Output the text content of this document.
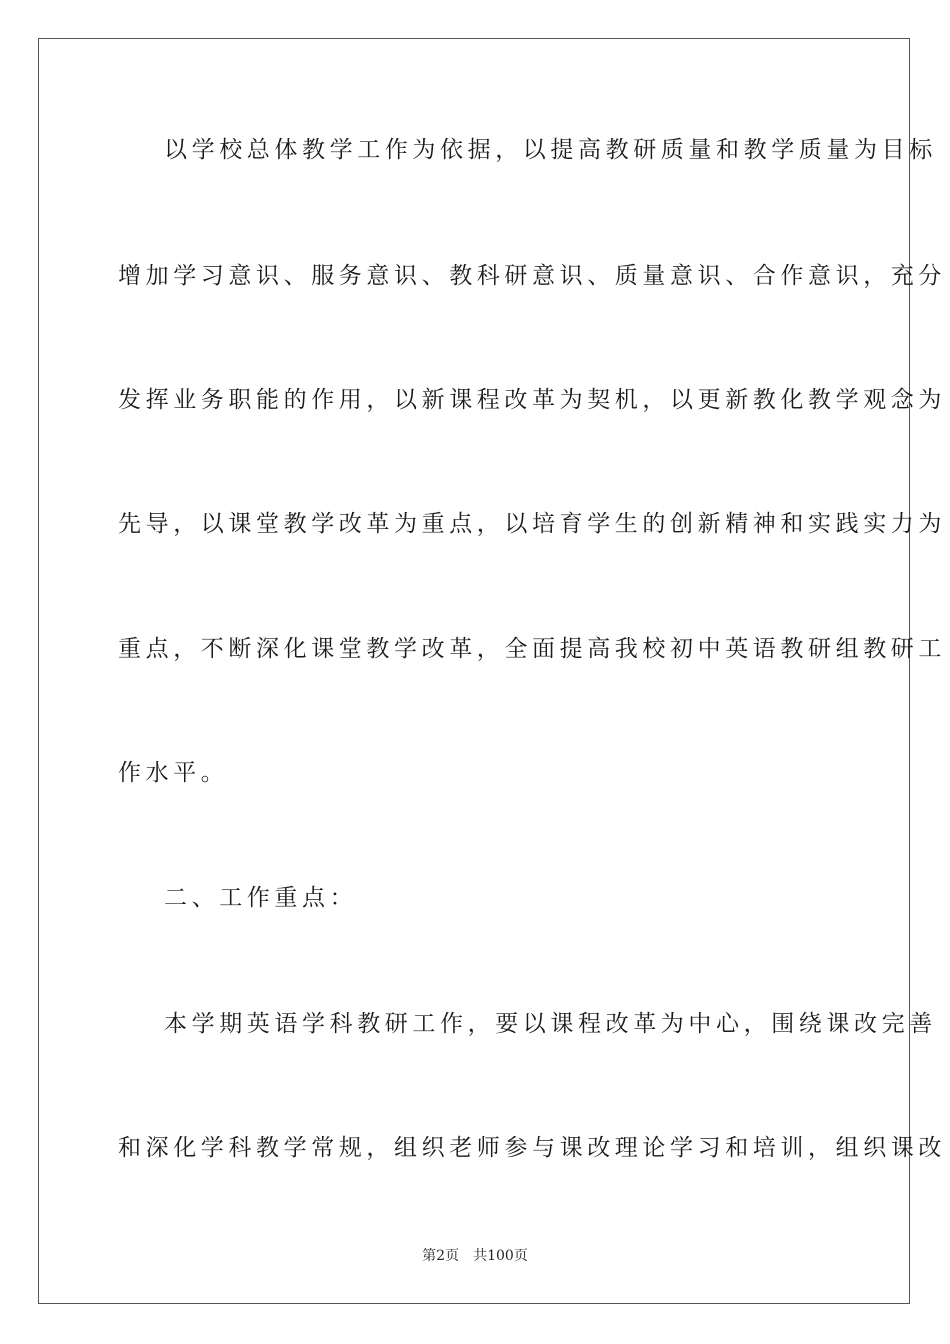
以学校总体教学工作为依据，以提高教研质量和教学质量为目标
增加学习意识、服务意识、教科研意识、质量意识、合作意识，充分
发挥业务职能的作用，以新课程改革为契机，以更新教化教学观念为
先导，以课堂教学改革为重点，以培育学生的创新精神和实践实力为
重点，不断深化课堂教学改革，全面提高我校初中英语教研组教研工
作水平。
二、工作重点：
本学期英语学科教研工作，要以课程改革为中心，围绕课改完善
和深化学科教学常规，组织老师参与课改理论学习和培训，组织课改
第2页 共100页
